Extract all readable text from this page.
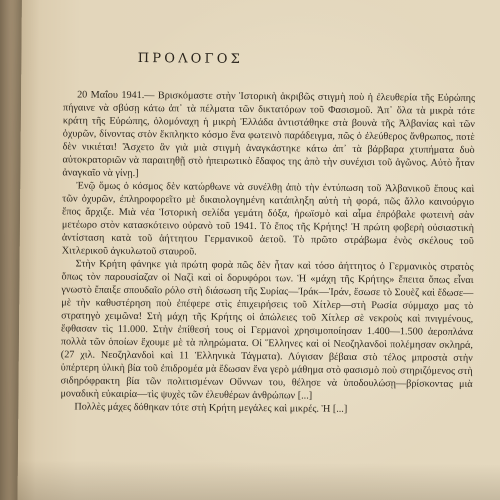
ΠΡΟΛΟΓΟΣ

20 Μαΐου 1941.— Βρισκόμαστε στὴν Ἱστορικὴ ἀκριβῶς στιγμὴ ποὺ ἡ ἐλευθερία τῆς Εὐρώπης πήγαινε νὰ σβύσῃ κάτω ἀπ᾽ τὰ πέλματα τῶν δικτατόρων τοῦ Φασισμοῦ. Ἀπ᾽ ὅλα τὰ μικρὰ τότε κράτη τῆς Εὐρώπης, ὁλομόναχη ἡ μικρὴ Ἑλλάδα ἀντιστάθηκε στὰ βουνὰ τῆς Ἀλβανίας καὶ τῶν ὀχυρῶν, δίνοντας στὸν ἔκπληκτο κόσμο ἕνα φωτεινὸ παράδειγμα, πῶς ὁ ἐλεύθερος ἄνθρωπος, ποτὲ δὲν νικιέται! Ἄσχετο ἂν γιὰ μιὰ στιγμὴ ἀναγκάστηκε κάτω ἀπ᾽ τὰ βάρβαρα χτυπήματα δυὸ αὐτοκρατοριῶν νὰ παραιτηθῇ στὸ ἠπειρωτικὸ ἔδαφος της ἀπὸ τὴν συνέχισι τοῦ ἀγῶνος. Αὐτὸ ἦταν ἀναγκαῖο νὰ γίνῃ.]

Ἐνῷ ὅμως ὁ κόσμος δὲν κατώρθωνε νὰ συνέλθῃ ἀπὸ τὴν ἐντύπωση τοῦ Ἀλβανικοῦ ἔπους καὶ τῶν ὀχυρῶν, ἐπληροφορεῖτο μὲ δικαιολογημένη κατάπληξη αὐτὴ τὴ φορά, πῶς ἄλλο καινούργιο ἔπος ἄρχιζε. Μιὰ νέα Ἱστορικὴ σελίδα γεμάτη δόξα, ἡρωϊσμὸ καὶ αἷμα ἐπρόβαλε φωτεινὴ σὰν μετέωρο στὸν κατασκότεινο οὐρανὸ τοῦ 1941. Τὸ ἔπος τῆς Κρήτης! Ἡ πρώτη φοβερὴ οὐσιαστικὴ ἀντίσταση κατὰ τοῦ ἀήττητου Γερμανικοῦ ἀετοῦ. Τὸ πρῶτο στράβωμα ἑνὸς σκέλους τοῦ Χιτλερικοῦ ἀγκυλωτοῦ σταυροῦ.

Στὴν Κρήτη φάνηκε γιὰ πρώτη φορὰ πῶς δὲν ἦταν καὶ τόσο ἀήττητος ὁ Γερμανικὸς στρατὸς ὅπως τὸν παρουσίαζαν οἱ Ναζὶ καὶ οἱ δορυφόροι των. Ἡ «μάχη τῆς Κρήτης» ἔπειτα ὅπως εἶναι γνωστὸ ἔπαιξε σπουδαῖο ρόλο στὴ διάσωση τῆς Συρίας—Ἰράκ—Ἰράν, ἔσωσε τὸ Σουὲζ καὶ ἔδωσε—μὲ τὴν καθυστέρηση ποὺ ἐπέφερε στὶς ἐπιχειρήσεις τοῦ Χίτλερ—στὴ Ρωσία σύμμαχο μας τὸ στρατηγὸ χειμῶνα! Στὴ μάχη τῆς Κρήτης οἱ ἀπώλειες τοῦ Χίτλερ σὲ νεκροὺς καὶ πνιγμένους, ἔφθασαν τὶς 11.000. Στὴν ἐπίθεσή τους οἱ Γερμανοὶ χρησιμοποίησαν 1.400—1.500 ἀεροπλάνα πολλὰ τῶν ὁποίων ἔχουμε μὲ τὰ πληρώματα. Οἱ Ἕλληνες καὶ οἱ Νεοζηλανδοὶ πολέμησαν σκληρά, (27 χιλ. Νεοζηλανδοὶ καὶ 11 Ἑλληνικὰ Τάγματα). Λύγισαν βέβαια στὸ τέλος μπροστὰ στὴν ὑπέρτερη ὑλικὴ βία τοῦ ἐπιδρομέα μὰ ἔδωσαν ἕνα γερὸ μάθημα στὸ φασισμὸ ποὺ στηριζόμενος στὴ σιδηρόφρακτη βία τῶν πολιτισμένων Οὔννων του, θέλησε νὰ ὑποδουλώσῃ—βρίσκοντας μιὰ μοναδικὴ εὐκαιρία—τὶς ψυχὲς τῶν ἐλευθέρων ἀνθρώπων [...]

Πολλὲς μάχες δόθηκαν τότε στὴ Κρήτη μεγάλες καὶ μικρές. Ἡ [...]
